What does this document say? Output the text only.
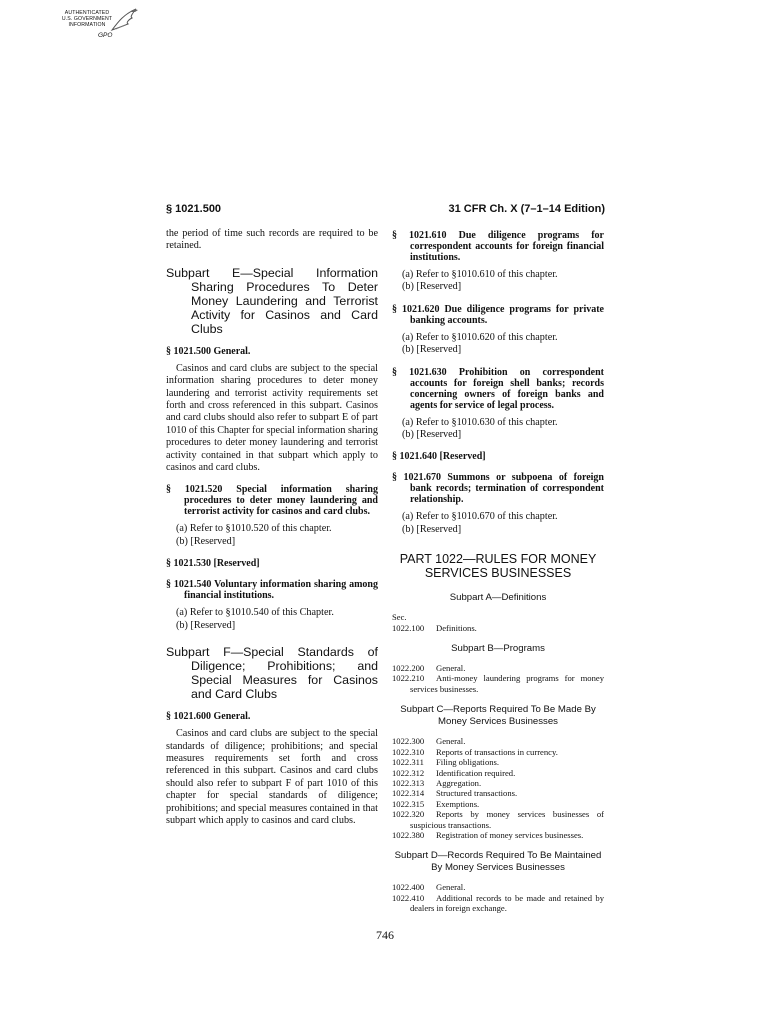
AUTHENTICATED
U.S. GOVERNMENT
INFORMATION
GPO
§ 1021.500	31 CFR Ch. X (7–1–14 Edition)

the period of time such records are required to be retained.

Subpart E—Special Information Sharing Procedures To Deter Money Laundering and Terrorist Activity for Casinos and Card Clubs
§ 1021.500 General.

Casinos and card clubs are subject to the special information sharing procedures to deter money laundering and terrorist activity requirements set forth and cross referenced in this subpart. Casinos and card clubs should also refer to subpart E of part 1010 of this Chapter for special information sharing procedures to deter money laundering and terrorist activity contained in that subpart which apply to casinos and card clubs.

§ 1021.520 Special information sharing procedures to deter money laundering and terrorist activity for casinos and card clubs.

(a) Refer to §1010.520 of this chapter.

(b) [Reserved]

§ 1021.530 [Reserved]
§ 1021.540 Voluntary information sharing among financial institutions.

(a) Refer to §1010.540 of this Chapter.

(b) [Reserved]

Subpart F—Special Standards of Diligence; Prohibitions; and Special Measures for Casinos and Card Clubs
§ 1021.600 General.

Casinos and card clubs are subject to the special standards of diligence; prohibitions; and special measures requirements set forth and cross referenced in this subpart. Casinos and card clubs should also refer to subpart F of part 1010 of this chapter for special standards of diligence; prohibitions; and special measures contained in that subpart which apply to casinos and card clubs.

§ 1021.610 Due diligence programs for correspondent accounts for foreign financial institutions.

(a) Refer to §1010.610 of this chapter.

(b) [Reserved]

§ 1021.620 Due diligence programs for private banking accounts.

(a) Refer to §1010.620 of this chapter.

(b) [Reserved]

§ 1021.630 Prohibition on correspondent accounts for foreign shell banks; records concerning owners of foreign banks and agents for service of legal process.

(a) Refer to §1010.630 of this chapter.

(b) [Reserved]

§ 1021.640 [Reserved]
§ 1021.670 Summons or subpoena of foreign bank records; termination of correspondent relationship.

(a) Refer to §1010.670 of this chapter.

(b) [Reserved]

PART 1022—RULES FOR MONEY SERVICES BUSINESSES
Subpart A—Definitions
Sec.
1022.100	Definitions.
Subpart B—Programs
1022.200	General.
1022.210 Anti-money laundering programs for money services businesses.
Subpart C—Reports Required To Be Made By Money Services Businesses
1022.300	General.
1022.310	Reports of transactions in currency.
1022.311	Filing obligations.
1022.312	Identification required.
1022.313	Aggregation.
1022.314	Structured transactions.
1022.315	Exemptions.
1022.320 Reports by money services businesses of suspicious transactions.
1022.380 Registration of money services businesses.
Subpart D—Records Required To Be Maintained By Money Services Businesses
1022.400	General.
1022.410 Additional records to be made and retained by dealers in foreign exchange.
746
